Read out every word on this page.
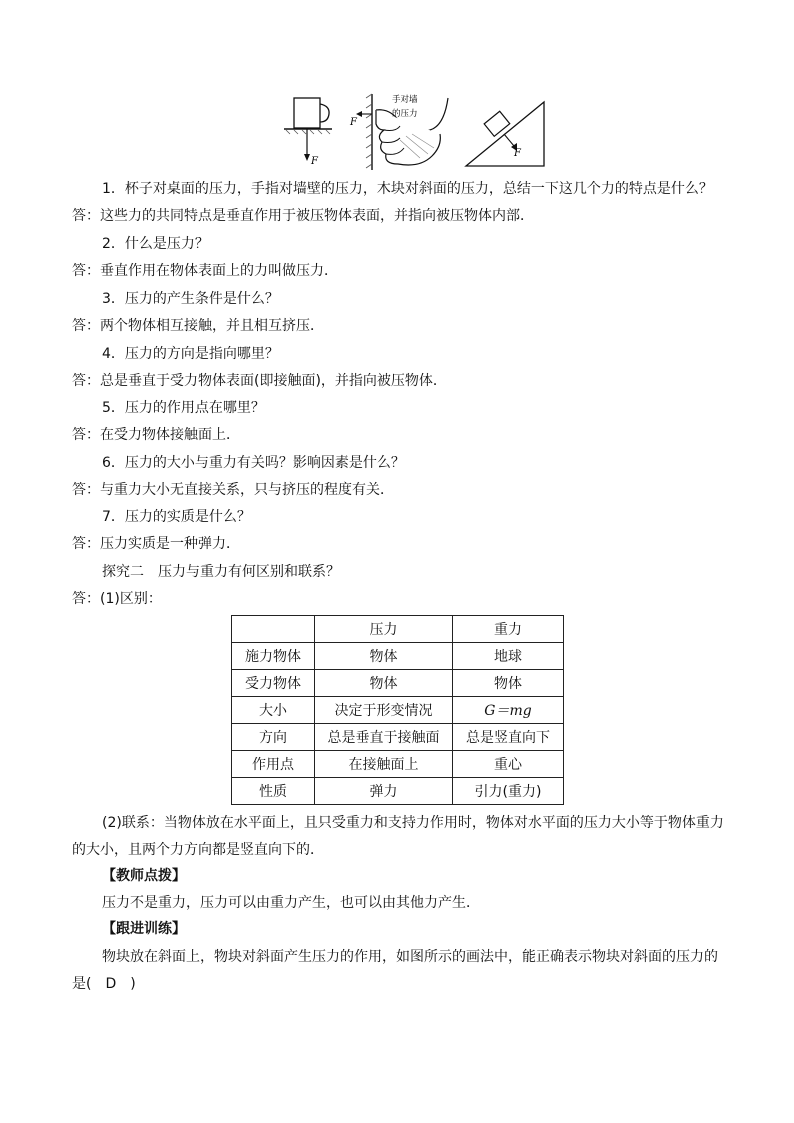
F
F
手对墙
的压力
F
1．杯子对桌面的压力，手指对墙壁的压力，木块对斜面的压力，总结一下这几个力的特点是什么？
答：这些力的共同特点是垂直作用于被压物体表面，并指向被压物体内部．
2．什么是压力？
答：垂直作用在物体表面上的力叫做压力．
3．压力的产生条件是什么？
答：两个物体相互接触，并且相互挤压．
4．压力的方向是指向哪里？
答：总是垂直于受力物体表面(即接触面)，并指向被压物体．
5．压力的作用点在哪里？
答：在受力物体接触面上．
6．压力的大小与重力有关吗？影响因素是什么？
答：与重力大小无直接关系，只与挤压的程度有关．
7．压力的实质是什么？
答：压力实质是一种弹力．
探究二　压力与重力有何区别和联系？
答：(1)区别：
	压力	重力
施力物体	物体	地球
受力物体	物体	物体
大小	决定于形变情况	G＝mg
方向	总是垂直于接触面	总是竖直向下
作用点	在接触面上	重心
性质	弹力	引力(重力)
(2)联系：当物体放在水平面上，且只受重力和支持力作用时，物体对水平面的压力大小等于物体重力
的大小，且两个力方向都是竖直向下的．
【教师点拨】
压力不是重力，压力可以由重力产生，也可以由其他力产生．
【跟进训练】
物块放在斜面上，物块对斜面产生压力的作用，如图所示的画法中，能正确表示物块对斜面的压力的
是(　D　)
